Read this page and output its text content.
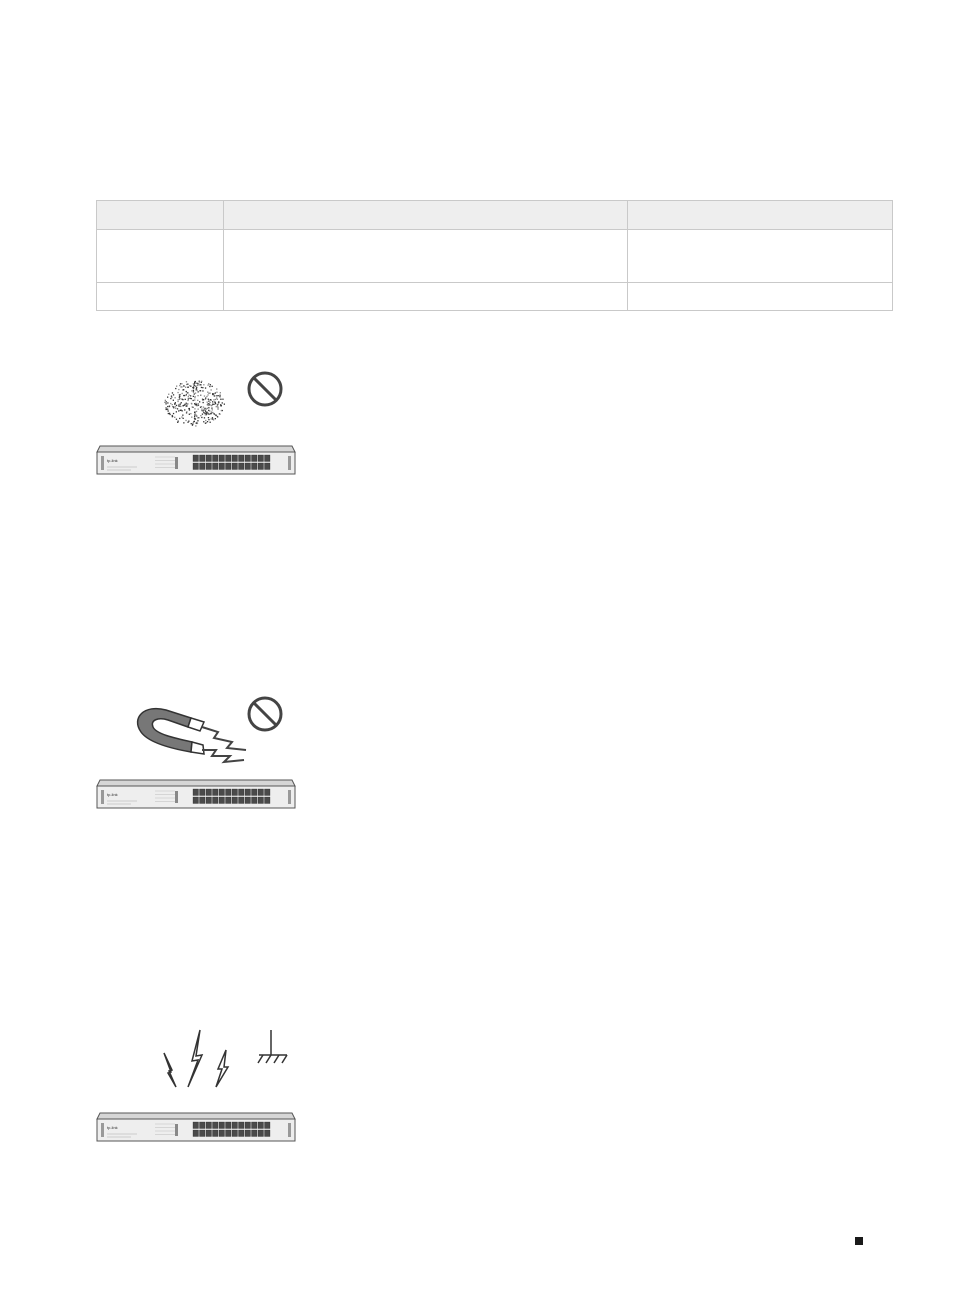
tp-link
tp-link
tp-link
